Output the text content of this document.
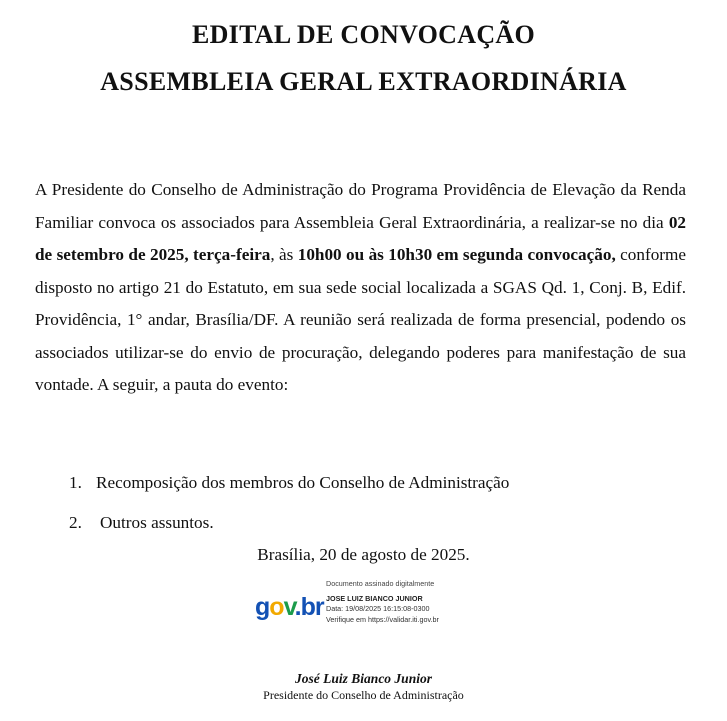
EDITAL DE CONVOCAÇÃO
ASSEMBLEIA GERAL EXTRAORDINÁRIA

A Presidente do Conselho de Administração do Programa Providência de Elevação da Renda Familiar convoca os associados para Assembleia Geral Extraordinária, a realizar-se no dia 02 de setembro de 2025, terça-feira, às 10h00 ou às 10h30 em segunda convocação, conforme disposto no artigo 21 do Estatuto, em sua sede social localizada a SGAS Qd. 1, Conj. B, Edif. Providência, 1° andar, Brasília/DF. A reunião será realizada de forma presencial, podendo os associados utilizar-se do envio de procuração, delegando poderes para manifestação de sua vontade. A seguir, a pauta do evento:

1. Recomposição dos membros do Conselho de Administração
2. Outros assuntos.
Brasília, 20 de agosto de 2025.
gov.br
Documento assinado digitalmente
JOSE LUIZ BIANCO JUNIOR
Data: 19/08/2025 16:15:08-0300
Verifique em https://validar.iti.gov.br
José Luiz Bianco Junior
Presidente do Conselho de Administração
